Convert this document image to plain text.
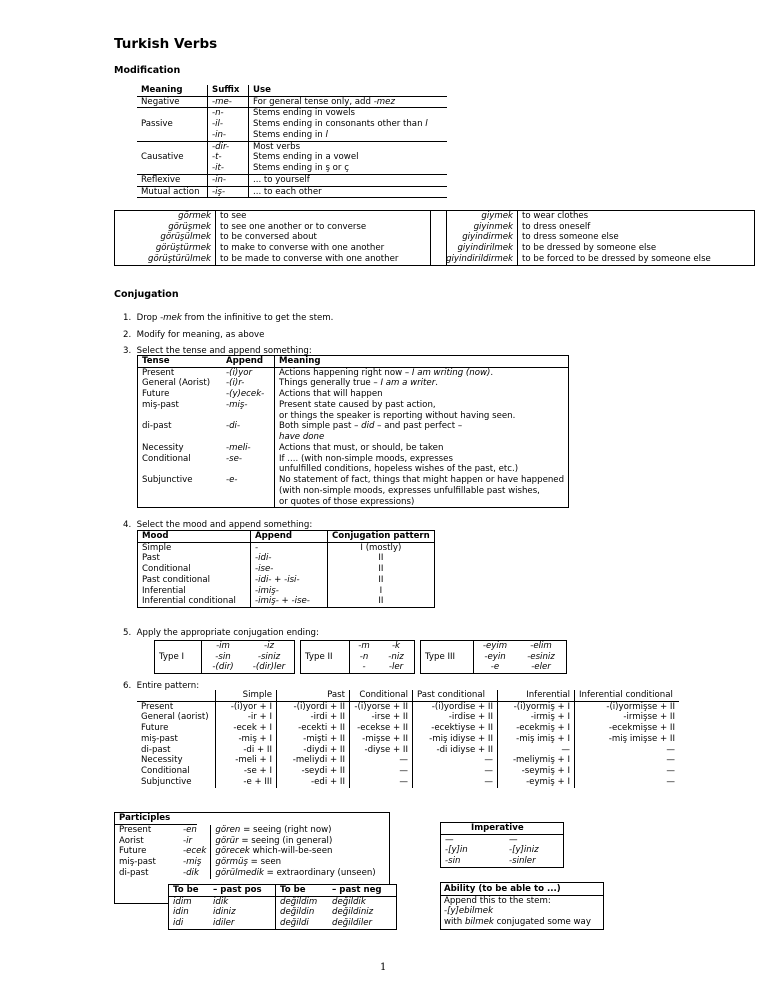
Turkish Verbs
Modification
Meaning	Suffix	Use
Negative	-me-	For general tense only, add -mez
	-n-	Stems ending in vowels
Passive	-il-	Stems ending in consonants other than l
	-in-	Stems ending in l
	-dir-	Most verbs
Causative	-t-	Stems ending in a vowel
	-it-	Stems ending in ş or ç
Reflexive	-in-	... to yourself
Mutual action	-iş-	... to each other
görmek	to see
görüşmek	to see one another or to converse
görüşülmek	to be conversed about
görüştürmek	to make to converse with one another
görüştürülmek	to be made to converse with one another
giymek	to wear clothes
giyinmek	to dress oneself
giyindirmek	to dress someone else
giyindirilmek	to be dressed by someone else
giyindirildirmek	to be forced to be dressed by someone else
Conjugation
1. Drop -mek from the infinitive to get the stem.
2. Modify for meaning, as above
3. Select the tense and append something:
Tense	Append	Meaning
Present	-(i)yor	Actions happening right now – I am writing (now).
General (Aorist)	-(i)r-	Things generally true – I am a writer.
Future	-(y)ecek-	Actions that will happen
miş-past	-miş-	Present state caused by past action,
		or things the speaker is reporting without having seen.
di-past	-di-	Both simple past – did – and past perfect –
		have done
Necessity	-meli-	Actions that must, or should, be taken
Conditional	-se-	If .... (with non-simple moods, expresses
		unfulfilled conditions, hopeless wishes of the past, etc.)
Subjunctive	-e-	No statement of fact, things that might happen or have happened
		(with non-simple moods, expresses unfulfillable past wishes,
		or quotes of those expressions)
4. Select the mood and append something:
Mood	Append	Conjugation pattern
Simple	-	I (mostly)
Past	-idi-	II
Conditional	-ise-	II
Past conditional	-idi- + -isi-	II
Inferential	-imiş-	I
Inferential conditional	-imiş- + -ise-	II
5. Apply the appropriate conjugation ending:
Type I	-im	-iz
	-sin	-siniz
	-(dir)	-(dir)ler
Type II	-m	-k
	-n	-niz
	-	-ler
Type III	-eyim	-elim
	-eyin	-esiniz
	-e	-eler
6. Entire pattern:
	Simple	Past	Conditional	Past conditional	Inferential	Inferential conditional
Present	-(i)yor + I	-(i)yordi + II	-(i)yorse + II	-(i)yordise + II	-(i)yormiş + I	-(i)yormişse + II
General (aorist)	-ir + I	-irdi + II	-irse + II	-irdise + II	-irmiş + I	-irmişse + II
Future	-ecek + I	-ecekti + II	-ecekse + II	-ecektiyse + II	-ecekmiş + I	-ecekmişse + II
miş-past	-miş + I	-mişti + II	-mişse + II	-miş idiyse + II	-miş imiş + I	-miş imişse + II
di-past	-di + II	-diydi + II	-diyse + II	-di idiyse + II	—	—
Necessity	-meli + I	-meliydi + II	—	—	-meliymiş + I	—
Conditional	-se + I	-seydi + II	—	—	-seymiş + I	—
Subjunctive	-e + III	-edi + II	—	—	-eymiş + I	—
Participles
Present	-en	gören = seeing (right now)
Aorist	-ir	görür = seeing (in general)
Future	-ecek	görecek which-will-be-seen
miş-past	-miş	görmüş = seen
di-past	-dik	görülmedik = extraordinary (unseen)
To be	– past pos	To be	– past neg
idim	idik	değildim	değildik
idin	idiniz	değildin	değildiniz
idi	idiler	değildi	değildiler
Imperative	
—	—
-[y]in	-[y]iniz
-sin	-sinler
Ability (to be able to ...)
Append this to the stem:
-[y]ebilmek
with bilmek conjugated some way
1
